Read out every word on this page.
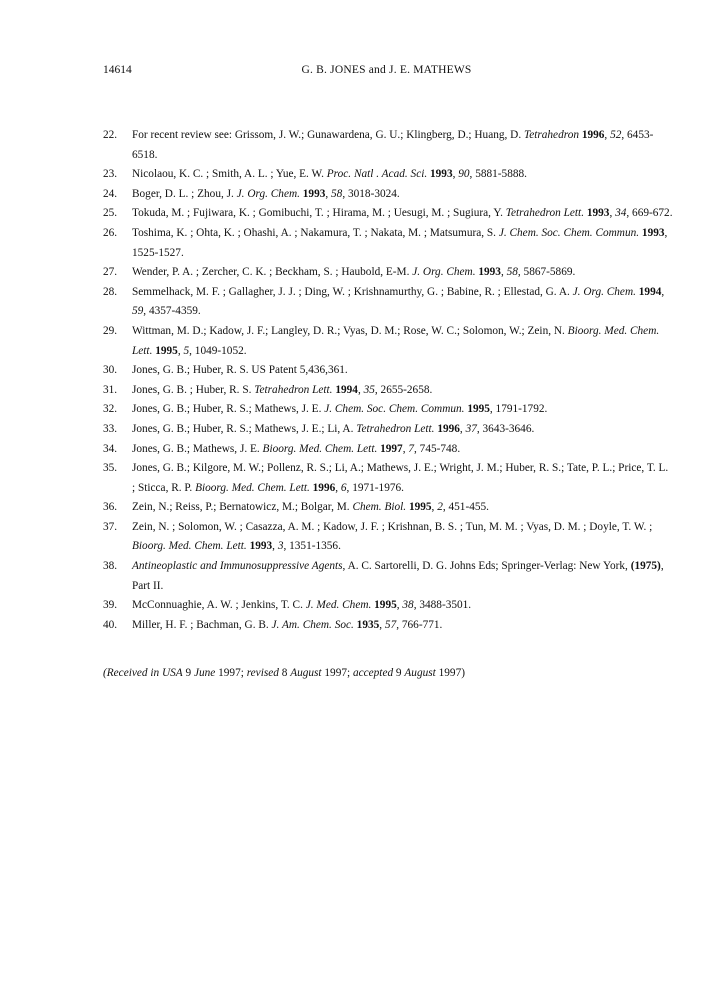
14614	G. B. JONES and J. E. MATHEWS
22. For recent review see: Grissom, J. W.; Gunawardena, G. U.; Klingberg, D.; Huang, D. Tetrahedron 1996, 52, 6453-6518.
23. Nicolaou, K. C. ; Smith, A. L. ; Yue, E. W. Proc. Natl . Acad. Sci. 1993, 90, 5881-5888.
24. Boger, D. L. ; Zhou, J. J. Org. Chem. 1993, 58, 3018-3024.
25. Tokuda, M. ; Fujiwara, K. ; Gomibuchi, T. ; Hirama, M. ; Uesugi, M. ; Sugiura, Y. Tetrahedron Lett. 1993, 34, 669-672.
26. Toshima, K. ; Ohta, K. ; Ohashi, A. ; Nakamura, T. ; Nakata, M. ; Matsumura, S. J. Chem. Soc. Chem. Commun. 1993, 1525-1527.
27. Wender, P. A. ; Zercher, C. K. ; Beckham, S. ; Haubold, E-M. J. Org. Chem. 1993, 58, 5867-5869.
28. Semmelhack, M. F. ; Gallagher, J. J. ; Ding, W. ; Krishnamurthy, G. ; Babine, R. ; Ellestad, G. A. J. Org. Chem. 1994, 59, 4357-4359.
29. Wittman, M. D.; Kadow, J. F.; Langley, D. R.; Vyas, D. M.; Rose, W. C.; Solomon, W.; Zein, N. Bioorg. Med. Chem. Lett. 1995, 5, 1049-1052.
30. Jones, G. B.; Huber, R. S. US Patent 5,436,361.
31. Jones, G. B. ; Huber, R. S. Tetrahedron Lett. 1994, 35, 2655-2658.
32. Jones, G. B.; Huber, R. S.; Mathews, J. E. J. Chem. Soc. Chem. Commun. 1995, 1791-1792.
33. Jones, G. B.; Huber, R. S.; Mathews, J. E.; Li, A. Tetrahedron Lett. 1996, 37, 3643-3646.
34. Jones, G. B.; Mathews, J. E. Bioorg. Med. Chem. Lett. 1997, 7, 745-748.
35. Jones, G. B.; Kilgore, M. W.; Pollenz, R. S.; Li, A.; Mathews, J. E.; Wright, J. M.; Huber, R. S.; Tate, P. L.; Price, T. L. ; Sticca, R. P. Bioorg. Med. Chem. Lett. 1996, 6, 1971-1976.
36. Zein, N.; Reiss, P.; Bernatowicz, M.; Bolgar, M. Chem. Biol. 1995, 2, 451-455.
37. Zein, N. ; Solomon, W. ; Casazza, A. M. ; Kadow, J. F. ; Krishnan, B. S. ; Tun, M. M. ; Vyas, D. M. ; Doyle, T. W. ; Bioorg. Med. Chem. Lett. 1993, 3, 1351-1356.
38. Antineoplastic and Immunosuppressive Agents, A. C. Sartorelli, D. G. Johns Eds; Springer-Verlag: New York, (1975), Part II.
39. McConnuaghie, A. W. ; Jenkins, T. C. J. Med. Chem. 1995, 38, 3488-3501.
40. Miller, H. F. ; Bachman, G. B. J. Am. Chem. Soc. 1935, 57, 766-771.
(Received in USA 9 June 1997; revised 8 August 1997; accepted 9 August 1997)
